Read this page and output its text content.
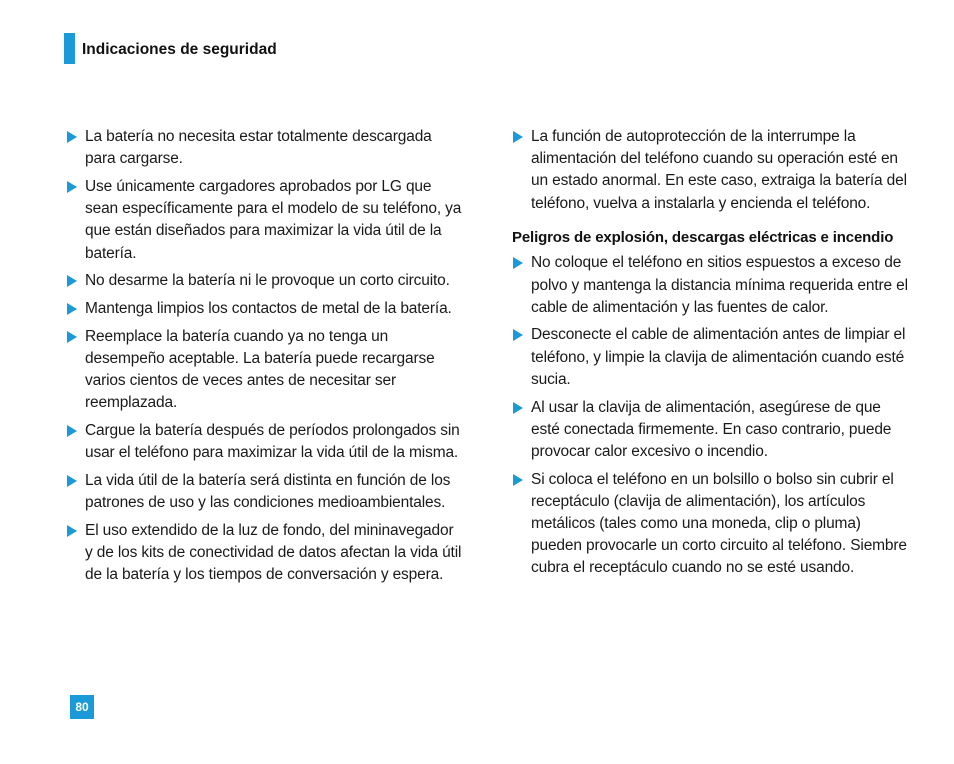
Indicaciones de seguridad
La batería no necesita estar totalmente descargada para cargarse.
Use únicamente cargadores aprobados por LG que sean específicamente para el modelo de su teléfono, ya que están diseñados para maximizar la vida útil de la batería.
No desarme la batería ni le provoque un corto circuito.
Mantenga limpios los contactos de metal de la batería.
Reemplace la batería cuando ya no tenga un desempeño aceptable. La batería puede recargarse varios cientos de veces antes de necesitar ser reemplazada.
Cargue la batería después de períodos prolongados sin usar el teléfono para maximizar la vida útil de la misma.
La vida útil de la batería será distinta en función de los patrones de uso y las condiciones medioambientales.
El uso extendido de la luz de fondo, del mininavegador y de los kits de conectividad de datos afectan la vida útil de la batería y los tiempos de conversación y espera.
La función de autoprotección de la interrumpe la alimentación del teléfono cuando su operación esté en un estado anormal. En este caso, extraiga la batería del teléfono, vuelva a instalarla y encienda el teléfono.
Peligros de explosión, descargas eléctricas e incendio
No coloque el teléfono en sitios espuestos a exceso de polvo y mantenga la distancia mínima requerida entre el cable de alimentación y las fuentes de calor.
Desconecte el cable de alimentación antes de limpiar el teléfono, y limpie la clavija de alimentación cuando esté sucia.
Al usar la clavija de alimentación, asegúrese de que esté conectada firmemente. En caso contrario, puede provocar calor excesivo o incendio.
Si coloca el teléfono en un bolsillo o bolso sin cubrir el receptáculo (clavija de alimentación), los artículos metálicos (tales como una moneda, clip o pluma) pueden provocarle un corto circuito al teléfono. Siembre cubra el receptáculo cuando no se esté usando.
80
